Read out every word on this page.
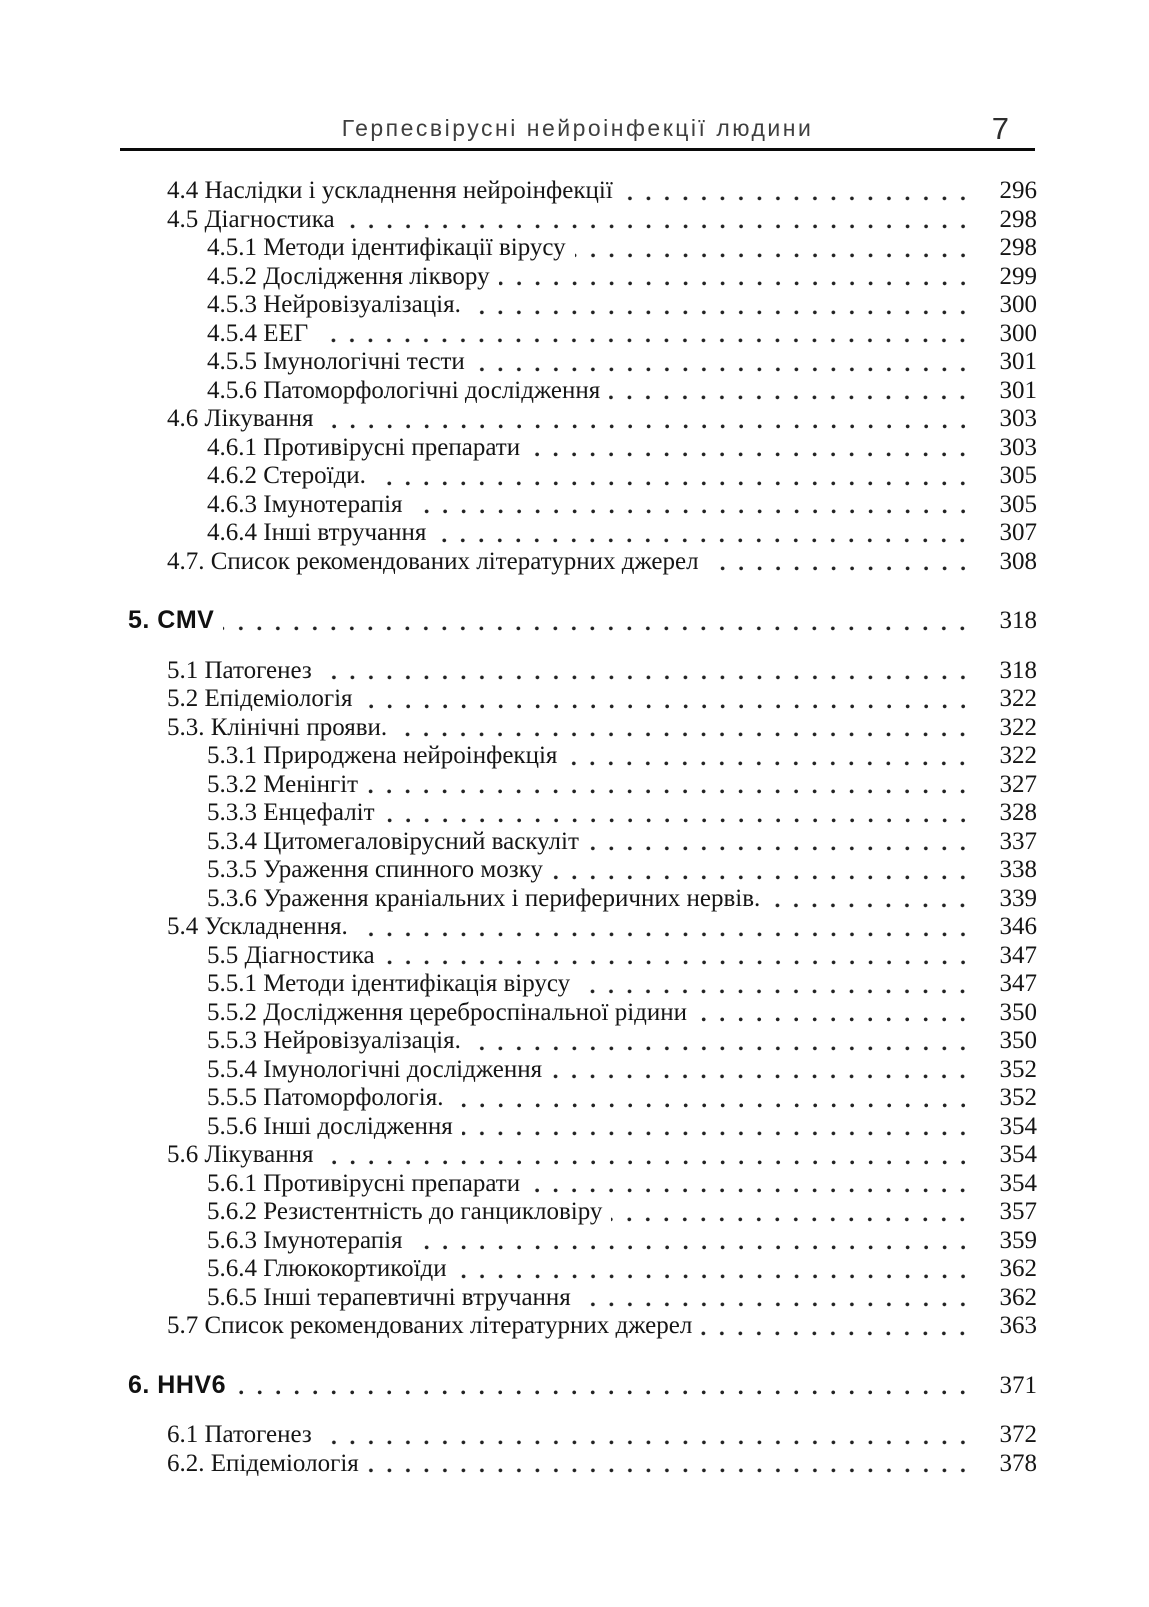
Герпесвірусні нейроінфекції людини	7
4.4 Наслідки і ускладнення нейроінфекції	296
4.5 Діагностика	298
4.5.1 Методи ідентифікації вірусу	298
4.5.2 Дослідження ліквору	299
4.5.3 Нейровізуалізація.	300
4.5.4 ЕЕГ	300
4.5.5 Імунологічні тести	301
4.5.6 Патоморфологічні дослідження	301
4.6 Лікування	303
4.6.1 Противірусні препарати	303
4.6.2 Стероїди.	305
4.6.3 Імунотерапія	305
4.6.4 Інші втручання	307
4.7. Список рекомендованих літературних джерел	308
5. CMV	318
5.1 Патогенез	318
5.2 Епідеміологія	322
5.3. Клінічні прояви.	322
5.3.1 Природжена нейроінфекція	322
5.3.2 Менінгіт	327
5.3.3 Енцефаліт	328
5.3.4 Цитомегаловірусний васкуліт	337
5.3.5 Ураження спинного мозку	338
5.3.6 Ураження краніальних і периферичних нервів.	339
5.4 Ускладнення.	346
5.5 Діагностика	347
5.5.1 Методи ідентифікація вірусу	347
5.5.2 Дослідження цереброспінальної рідини	350
5.5.3 Нейровізуалізація.	350
5.5.4 Імунологічні дослідження	352
5.5.5 Патоморфологія.	352
5.5.6 Інші дослідження	354
5.6 Лікування	354
5.6.1 Противірусні препарати	354
5.6.2 Резистентність до ганцикловіру	357
5.6.3 Імунотерапія	359
5.6.4 Глюкокортикоїди	362
5.6.5 Інші терапевтичні втручання	362
5.7 Список рекомендованих літературних джерел	363
6. HHV6	371
6.1 Патогенез	372
6.2. Епідеміологія	378
